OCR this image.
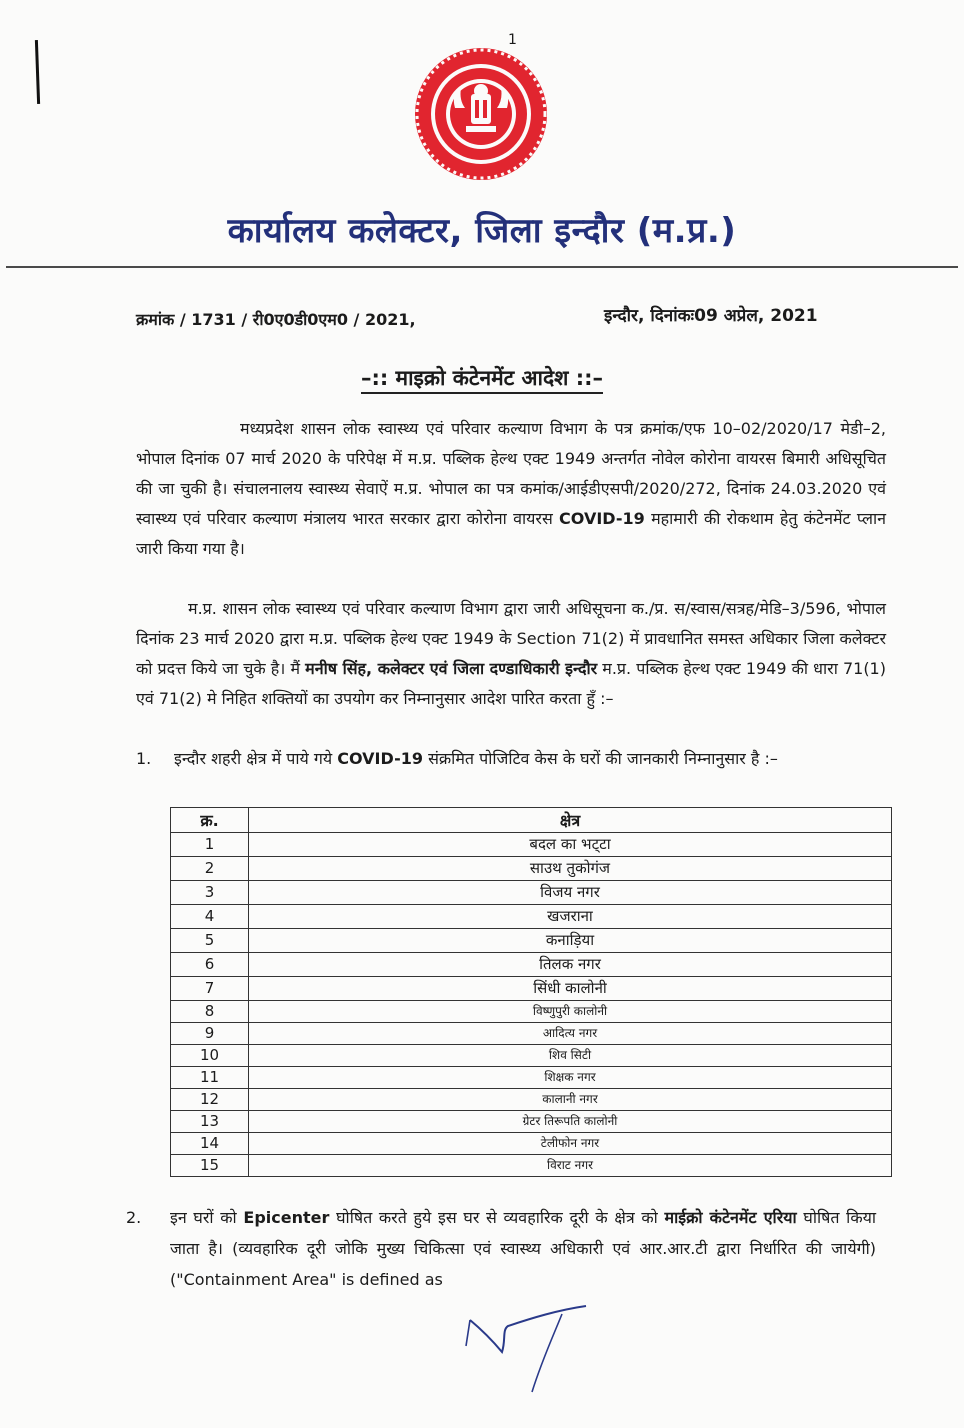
1
कार्यालय कलेक्टर, जिला इन्दौर (म.प्र.)
क्रमांक / 1731 / री0ए0डी0एम0 / 2021,	इन्दौर, दिनांकः09 अप्रेल, 2021
–:: माइक्रो कंटेनमेंट आदेश ::–
मध्यप्रदेश शासन लोक स्वास्थ्य एवं परिवार कल्याण विभाग के पत्र क्रमांक/एफ 10–02/2020/17 मेडी–2, भोपाल दिनांक 07 मार्च 2020 के परिपेक्ष में म.प्र. पब्लिक हेल्थ एक्ट 1949 अन्तर्गत नोवेल कोरोना वायरस बिमारी अधिसूचित की जा चुकी है। संचालनालय स्वास्थ्य सेवाऐं म.प्र. भोपाल का पत्र कमांक/आईडीएसपी/2020/272, दिनांक 24.03.2020 एवं स्वास्थ्य एवं परिवार कल्याण मंत्रालय भारत सरकार द्वारा कोरोना वायरस COVID-19 महामारी की रोकथाम हेतु कंटेनमेंट प्लान जारी किया गया है।
म.प्र. शासन लोक स्वास्थ्य एवं परिवार कल्याण विभाग द्वारा जारी अधिसूचना क./प्र. स/स्वास/सत्रह/मेडि–3/596, भोपाल दिनांक 23 मार्च 2020 द्वारा म.प्र. पब्लिक हेल्थ एक्ट 1949 के Section 71(2) में प्रावधानित समस्त अधिकार जिला कलेक्टर को प्रदत्त किये जा चुके है। मैं मनीष सिंह, कलेक्टर एवं जिला दण्डाधिकारी इन्दौर म.प्र. पब्लिक हेल्थ एक्ट 1949 की धारा 71(1) एवं 71(2) मे निहित शक्तियों का उपयोग कर निम्नानुसार आदेश पारित करता हुँ :–
1. इन्दौर शहरी क्षेत्र में पाये गये COVID-19 संक्रमित पोजिटिव केस के घरों की जानकारी निम्नानुसार है :–
क्र.	क्षेत्र
1	बदल का भट्‌टा
2	साउथ तुकोगंज
3	विजय नगर
4	खजराना
5	कनाड़िया
6	तिलक नगर
7	सिंधी कालोनी
8	विष्णुपुरी कालोनी
9	आदित्य नगर
10	शिव सिटी
11	शिक्षक नगर
12	कालानी नगर
13	ग्रेटर तिरूपति कालोनी
14	टेलीफोन नगर
15	विराट नगर
2. इन घरों को Epicenter घोषित करते हुये इस घर से व्यवहारिक दूरी के क्षेत्र को माईक्रो कंटेनमेंट एरिया घोषित किया जाता है। (व्यवहारिक दूरी जोकि मुख्य चिकित्सा एवं स्वास्थ्य अधिकारी एवं आर.आर.टी द्वारा निर्धारित की जायेगी) ("Containment Area" is defined as
